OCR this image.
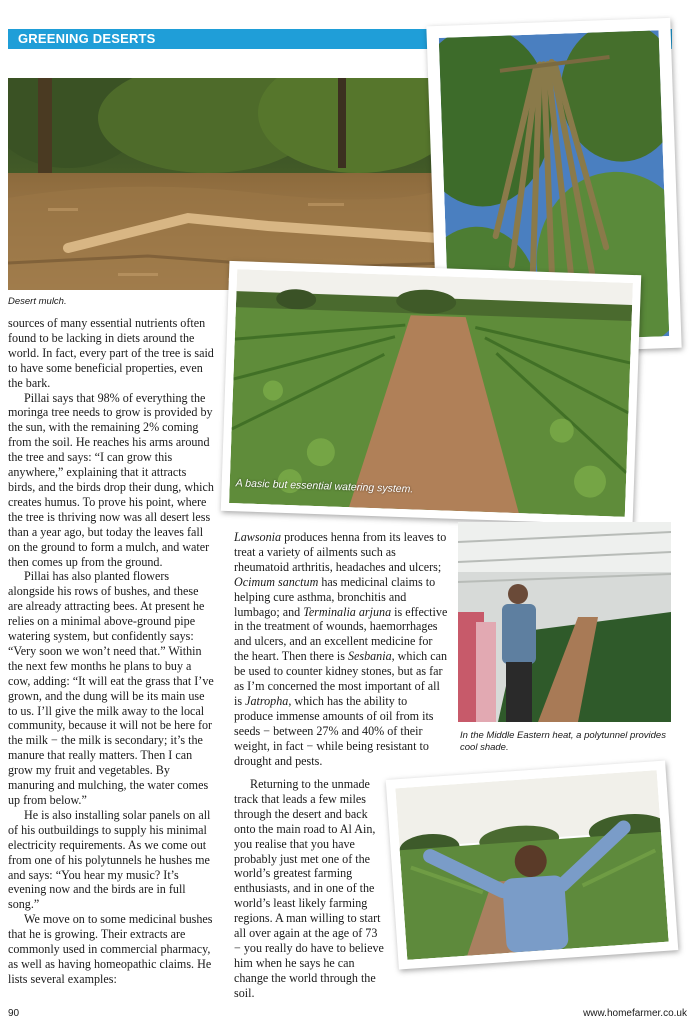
GREENING DESERTS
Desert mulch.
A basic but essential watering system.
In the Middle Eastern heat, a polytunnel provides cool shade.

sources of many essential nutrients often found to be lacking in diets around the world. In fact, every part of the tree is said to have some beneficial properties, even the bark.

Pillai says that 98% of everything the moringa tree needs to grow is provided by the sun, with the remaining 2% coming from the soil. He reaches his arms around the tree and says: “I can grow this anywhere,” explaining that it attracts birds, and the birds drop their dung, which creates humus. To prove his point, where the tree is thriving now was all desert less than a year ago, but today the leaves fall on the ground to form a mulch, and water then comes up from the ground.

Pillai has also planted flowers alongside his rows of bushes, and these are already attracting bees. At present he relies on a minimal above-ground pipe watering system, but confidently says: “Very soon we won’t need that.” Within the next few months he plans to buy a cow, adding: “It will eat the grass that I’ve grown, and the dung will be its main use to us. I’ll give the milk away to the local community, because it will not be here for the milk − the milk is secondary; it’s the manure that really matters. Then I can grow my fruit and vegetables. By manuring and mulching, the water comes up from below.”

He is also installing solar panels on all of his outbuildings to supply his minimal electricity requirements. As we come out from one of his polytunnels he hushes me and says: “You hear my music? It’s evening now and the birds are in full song.”

We move on to some medicinal bushes that he is growing. Their extracts are commonly used in commercial pharmacy, as well as having homeopathic claims. He lists several examples:

Lawsonia produces henna from its leaves to treat a variety of ailments such as rheumatoid arthritis, headaches and ulcers; Ocimum sanctum has medicinal claims to helping cure asthma, bronchitis and lumbago; and Terminalia arjuna is effective in the treatment of wounds, haemorrhages and ulcers, and an excellent medicine for the heart. Then there is Sesbania, which can be used to counter kidney stones, but as far as I’m concerned the most important of all is Jatropha, which has the ability to produce immense amounts of oil from its seeds − between 27% and 40% of their weight, in fact − while being resistant to drought and pests.

Returning to the unmade track that leads a few miles through the desert and back onto the main road to Al Ain, you realise that you have probably just met one of the world’s greatest farming enthusiasts, and in one of the world’s least likely farming regions. A man willing to start all over again at the age of 73 − you really do have to believe him when he says he can change the world through the soil.

90	www.homefarmer.co.uk
